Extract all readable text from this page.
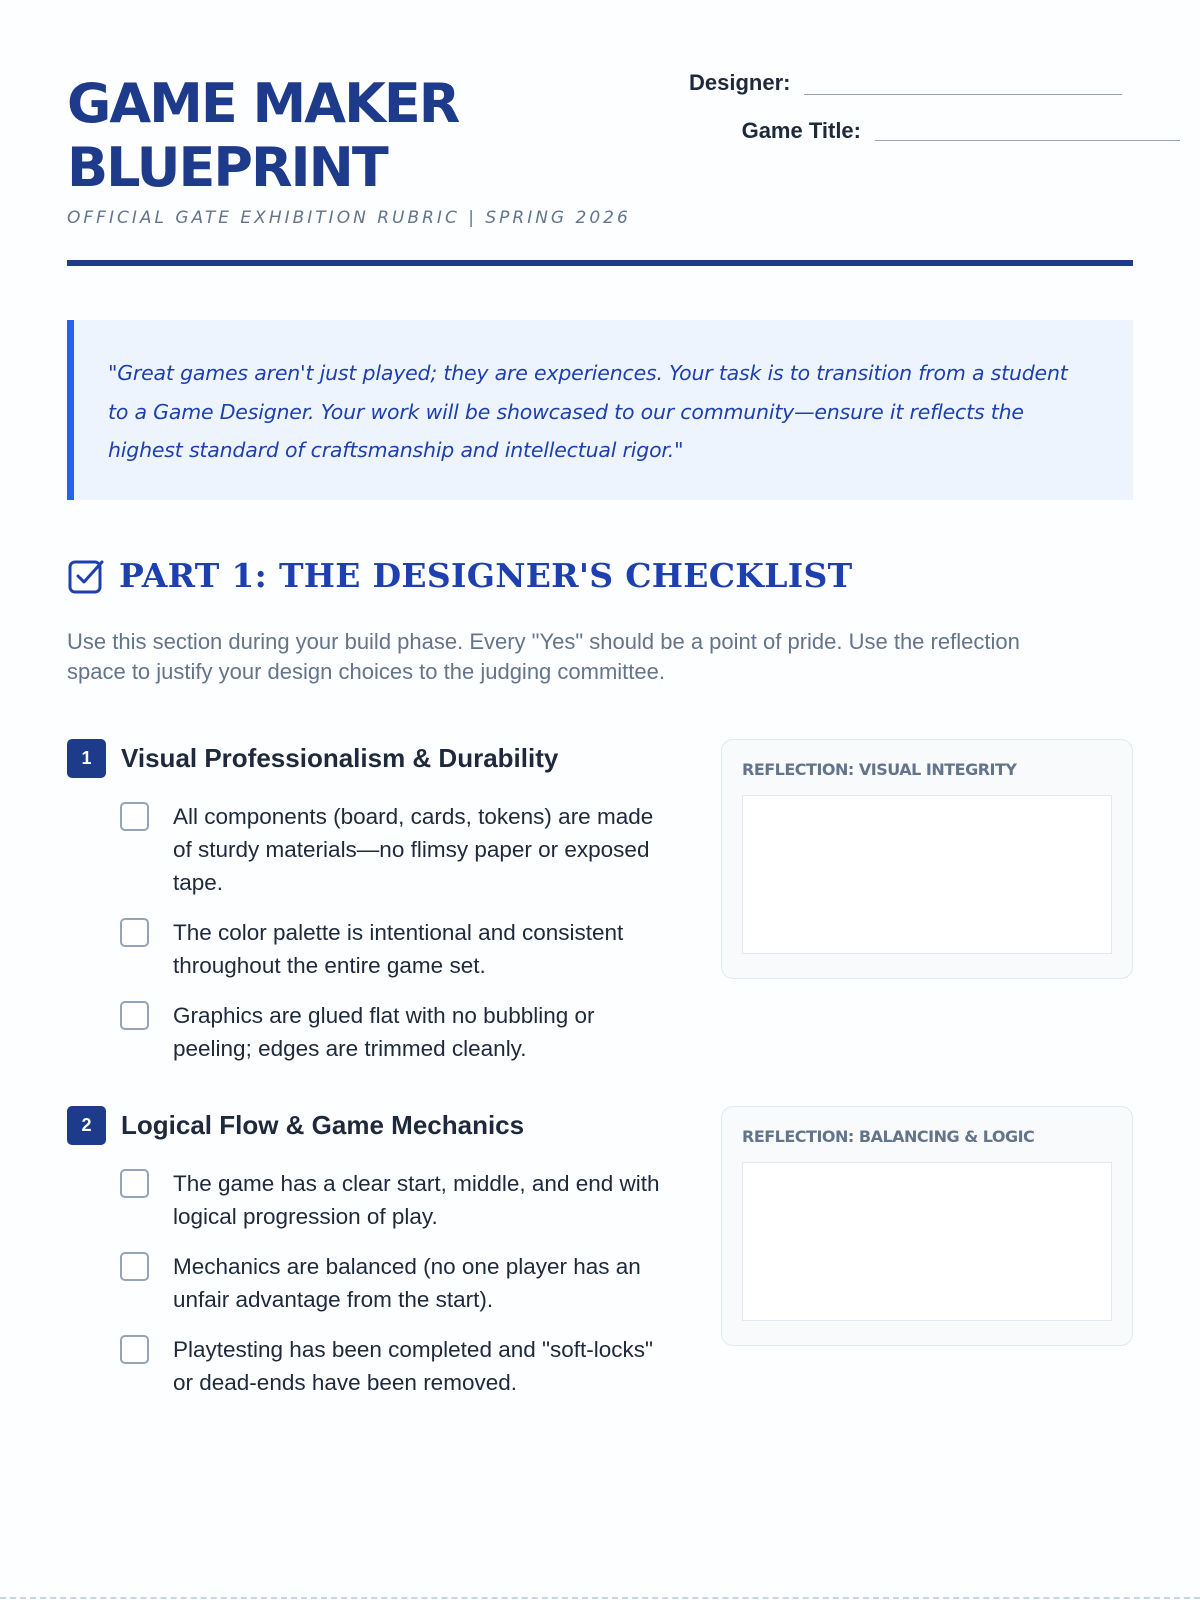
GAME MAKER BLUEPRINT
OFFICIAL GATE EXHIBITION RUBRIC | SPRING 2026
Designer:
Game Title:

"Great games aren't just played; they are experiences. Your task is to transition from a student to a Game Designer. Your work will be showcased to our community—ensure it reflects the highest standard of craftsmanship and intellectual rigor."

PART 1: THE DESIGNER'S CHECKLIST

Use this section during your build phase. Every "Yes" should be a point of pride. Use the reflection space to justify your design choices to the judging committee.

1	Visual Professionalism & Durability
All components (board, cards, tokens) are made of sturdy materials—no flimsy paper or exposed tape.
The color palette is intentional and consistent throughout the entire game set.
Graphics are glued flat with no bubbling or peeling; edges are trimmed cleanly.
REFLECTION: VISUAL INTEGRITY
2	Logical Flow & Game Mechanics
The game has a clear start, middle, and end with logical progression of play.
Mechanics are balanced (no one player has an unfair advantage from the start).
Playtesting has been completed and "soft-locks" or dead-ends have been removed.
REFLECTION: BALANCING & LOGIC
